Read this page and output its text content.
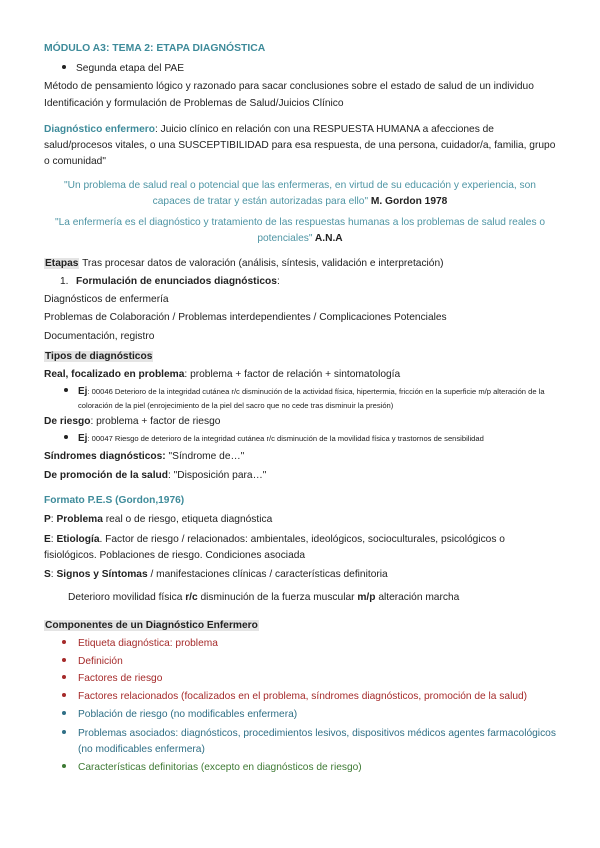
MÓDULO A3: TEMA 2: ETAPA DIAGNÓSTICA

Segunda etapa del PAE

Método de pensamiento lógico y razonado para sacar conclusiones sobre el estado de salud de un individuo

Identificación y formulación de Problemas de Salud/Juicios Clínico

Diagnóstico enfermero: Juicio clínico en relación con una RESPUESTA HUMANA a afecciones de salud/procesos vitales, o una SUSCEPTIBILIDAD para esa respuesta, de una persona, cuidador/a, familia, grupo o comunidad"

"Un problema de salud real o potencial que las enfermeras, en virtud de su educación y experiencia, son capaces de tratar y están autorizadas para ello" M. Gordon 1978

"La enfermería es el diagnóstico y tratamiento de las respuestas humanas a los problemas de salud reales o potenciales" A.N.A

Etapas Tras procesar datos de valoración (análisis, síntesis, validación e interpretación)

1. Formulación de enunciados diagnósticos:

Diagnósticos de enfermería

Problemas de Colaboración / Problemas interdependientes / Complicaciones Potenciales

Documentación, registro

Tipos de diagnósticos

Real, focalizado en problema: problema + factor de relación + sintomatología

Ej: 00046 Deterioro de la integridad cutánea r/c disminución de la actividad física, hipertermia, fricción en la superficie m/p alteración de la coloración de la piel (enrojecimiento de la piel del sacro que no cede tras disminuir la presión)

De riesgo: problema + factor de riesgo

Ej: 00047 Riesgo de deterioro de la integridad cutánea r/c disminución de la movilidad física y trastornos de sensibilidad

Síndromes diagnósticos: "Síndrome de…"

De promoción de la salud: "Disposición para…"

Formato P.E.S (Gordon,1976)

P: Problema real o de riesgo, etiqueta diagnóstica

E: Etiología. Factor de riesgo / relacionados: ambientales, ideológicos, socioculturales, psicológicos o fisiológicos. Poblaciones de riesgo. Condiciones asociada

S: Signos y Síntomas / manifestaciones clínicas / características definitoria

Deterioro movilidad física r/c disminución de la fuerza muscular m/p alteración marcha

Componentes de un Diagnóstico Enfermero

Etiqueta diagnóstica: problema
Definición
Factores de riesgo
Factores relacionados (focalizados en el problema, síndromes diagnósticos, promoción de la salud)
Población de riesgo (no modificables enfermera)
Problemas asociados: diagnósticos, procedimientos lesivos, dispositivos médicos agentes farmacológicos (no modificables enfermera)
Características definitorias (excepto en diagnósticos de riesgo)
